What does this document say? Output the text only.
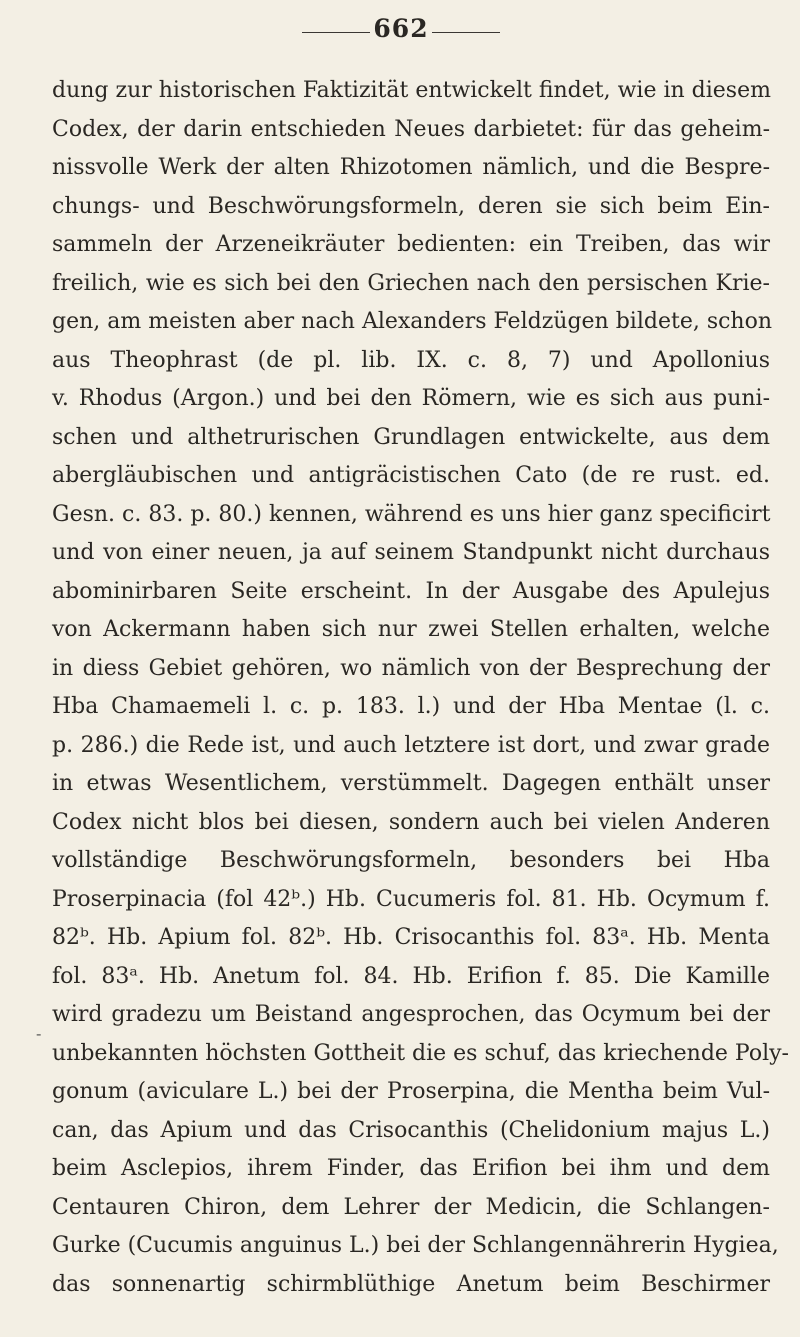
662
-
dung zur historischen Faktizität entwickelt findet, wie in diesem
Codex, der darin entschieden Neues darbietet: für das geheim-
nissvolle Werk der alten Rhizotomen nämlich, und die Bespre-
chungs- und Beschwörungsformeln, deren sie sich beim Ein-
sammeln der Arzeneikräuter bedienten: ein Treiben, das wir
freilich, wie es sich bei den Griechen nach den persischen Krie-
gen, am meisten aber nach Alexanders Feldzügen bildete, schon
aus Theophrast (de pl. lib. IX. c. 8, 7) und Apollonius
v. Rhodus (Argon.) und bei den Römern, wie es sich aus puni-
schen und althetrurischen Grundlagen entwickelte, aus dem
abergläubischen und antigräcistischen Cato (de re rust. ed.
Gesn. c. 83. p. 80.) kennen, während es uns hier ganz specificirt
und von einer neuen, ja auf seinem Standpunkt nicht durchaus
abominirbaren Seite erscheint. In der Ausgabe des Apulejus
von Ackermann haben sich nur zwei Stellen erhalten, welche
in diess Gebiet gehören, wo nämlich von der Besprechung der
Hba Chamaemeli l. c. p. 183. l.) und der Hba Mentae (l. c.
p. 286.) die Rede ist, und auch letztere ist dort, und zwar grade
in etwas Wesentlichem, verstümmelt. Dagegen enthält unser
Codex nicht blos bei diesen, sondern auch bei vielen Anderen
vollständige Beschwörungsformeln, besonders bei Hba
Proserpinacia (fol 42ᵇ.) Hb. Cucumeris fol. 81. Hb. Ocymum f.
82ᵇ. Hb. Apium fol. 82ᵇ. Hb. Crisocanthis fol. 83ᵃ. Hb. Menta
fol. 83ᵃ. Hb. Anetum fol. 84. Hb. Erifion f. 85. Die Kamille
wird gradezu um Beistand angesprochen, das Ocymum bei der
unbekannten höchsten Gottheit die es schuf, das kriechende Poly-
gonum (aviculare L.) bei der Proserpina, die Mentha beim Vul-
can, das Apium und das Crisocanthis (Chelidonium majus L.)
beim Asclepios, ihrem Finder, das Erifion bei ihm und dem
Centauren Chiron, dem Lehrer der Medicin, die Schlangen-
Gurke (Cucumis anguinus L.) bei der Schlangennährerin Hygiea,
das sonnenartig schirmblüthige Anetum beim Beschirmer
